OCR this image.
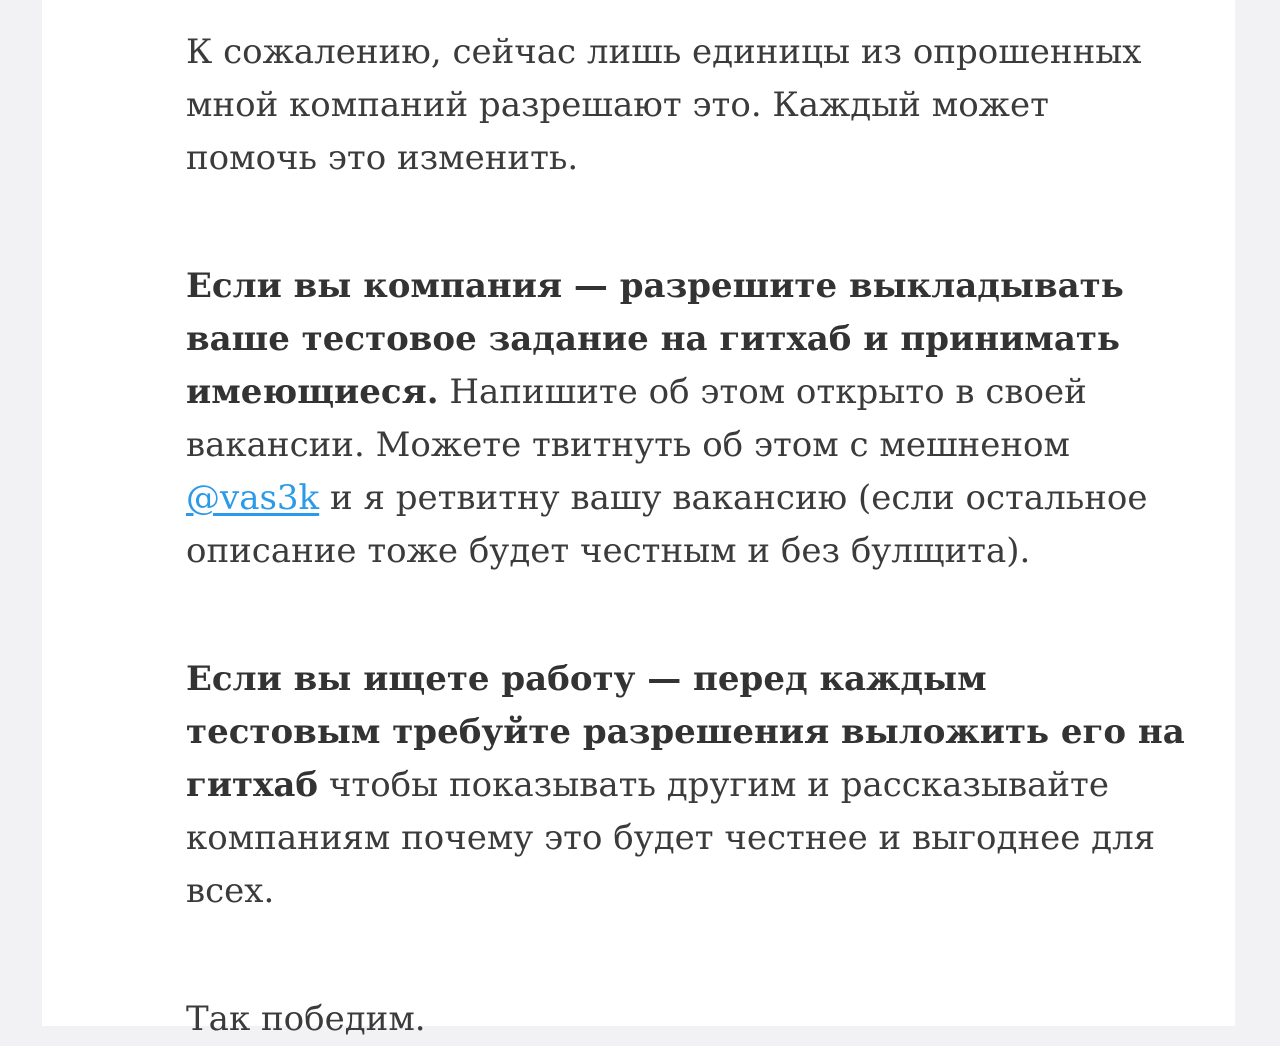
К сожалению, сейчас лишь единицы из опрошенных мной компаний разрешают это. Каждый может помочь это изменить.

Если вы компания — разрешите выкладывать ваше тестовое задание на гитхаб и принимать имеющиеся. Напишите об этом открыто в своей вакансии. Можете твитнуть об этом с мешненом @vas3k и я ретвитну вашу вакансию (если остальное описание тоже будет честным и без булщита).

Если вы ищете работу — перед каждым тестовым требуйте разрешения выложить его на гитхаб чтобы показывать другим и рассказывайте компаниям почему это будет честнее и выгоднее для всех.

Так победим.
